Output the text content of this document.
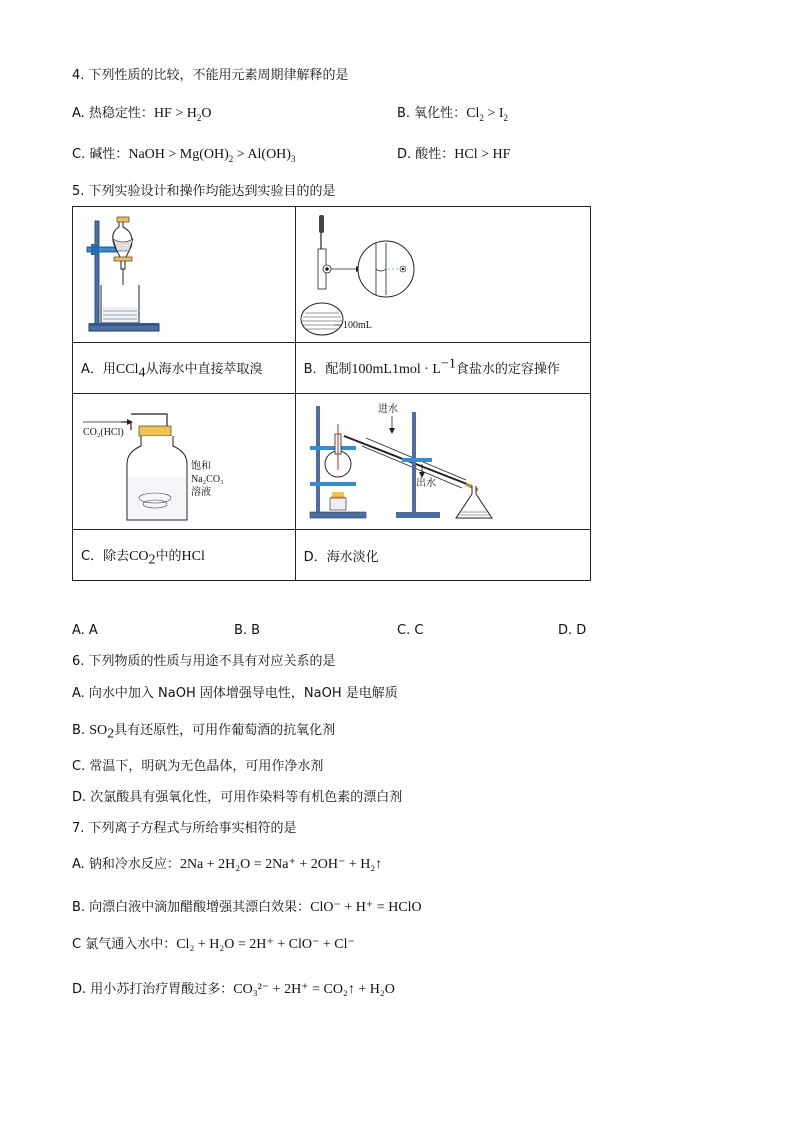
4. 下列性质的比较，不能用元素周期律解释的是
A. 热稳定性：HF > $H_2O$	B. 氧化性：$Cl_2 > I_2$
C. 碱性：NaOH > $Mg(OH)_2 > Al(OH)_3$	D. 酸性：HCl > HF
5. 下列实验设计和操作均能达到实验目的的是

100mL

A．用CCl$_4$从海水中直接萃取溴	B．配制$100mL1mol \cdot L^{-1}$食盐水的定容操作

CO₂(HCl)
饱和
Na₂CO₃
溶液	进水
出水

C．除去$CO_2$中的HCl	D．海水淡化
A. A	B. B	C. C	D. D
6. 下列物质的性质与用途不具有对应关系的是
A. 向水中加入 NaOH 固体增强导电性，NaOH 是电解质
B. $SO_2$具有还原性，可用作葡萄酒的抗氧化剂
C. 常温下，明矾为无色晶体，可用作净水剂
D. 次氯酸具有强氧化性，可用作染料等有机色素的漂白剂
7. 下列离子方程式与所给事实相符的是
A. 钠和冷水反应：2Na + 2H₂O = 2Na⁺ + 2OH⁻ + H₂↑
B. 向漂白液中滴加醋酸增强其漂白效果：ClO⁻ + H⁺ = HClO
C 氯气通入水中：Cl₂ + H₂O = 2H⁺ + ClO⁻ + Cl⁻
D. 用小苏打治疗胃酸过多：CO₃²⁻ + 2H⁺ = CO₂↑ + H₂O
